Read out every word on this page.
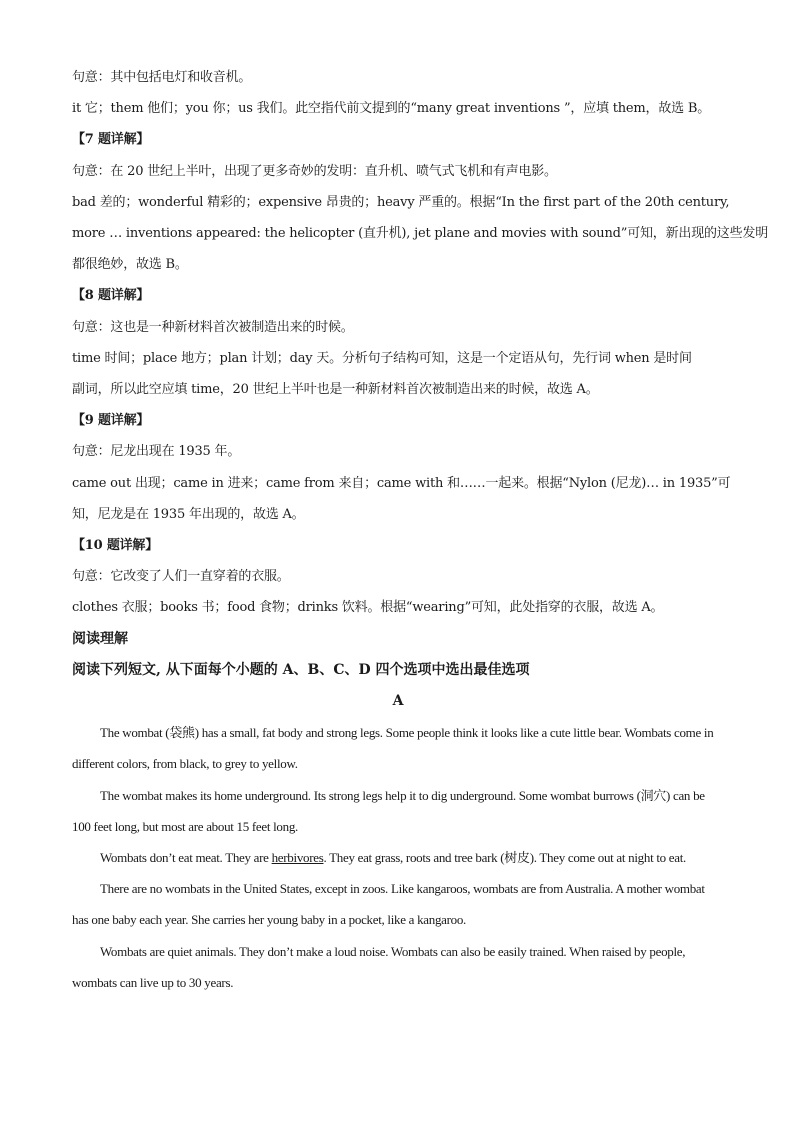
句意：其中包括电灯和收音机。
it 它；them 他们；you 你；us 我们。此空指代前文提到的“many great inventions ”，应填 them，故选 B。
【7 题详解】
句意：在 20 世纪上半叶，出现了更多奇妙的发明：直升机、喷气式飞机和有声电影。
bad 差的；wonderful 精彩的；expensive 昂贵的；heavy 严重的。根据“In the first part of the 20th century,
more … inventions appeared: the helicopter (直升机), jet plane and movies with sound”可知，新出现的这些发明
都很绝妙，故选 B。
【8 题详解】
句意：这也是一种新材料首次被制造出来的时候。
time 时间；place 地方；plan 计划；day 天。分析句子结构可知，这是一个定语从句，先行词 when 是时间
副词，所以此空应填 time，20 世纪上半叶也是一种新材料首次被制造出来的时候，故选 A。
【9 题详解】
句意：尼龙出现在 1935 年。
came out 出现；came in 进来；came from 来自；came with 和……一起来。根据“Nylon (尼龙)… in 1935”可
知，尼龙是在 1935 年出现的，故选 A。
【10 题详解】
句意：它改变了人们一直穿着的衣服。
clothes 衣服；books 书；food 食物；drinks 饮料。根据“wearing”可知，此处指穿的衣服，故选 A。
阅读理解
阅读下列短文, 从下面每个小题的 A、B、C、D 四个选项中选出最佳选项
A
The wombat (袋熊) has a small, fat body and strong legs. Some people think it looks like a cute little bear. Wombats come in different colors, from black, to grey to yellow.
The wombat makes its home underground. Its strong legs help it to dig underground. Some wombat burrows (洞穴) can be 100 feet long, but most are about 15 feet long.
Wombats don’t eat meat. They are herbivores. They eat grass, roots and tree bark (树皮). They come out at night to eat.
There are no wombats in the United States, except in zoos. Like kangaroos, wombats are from Australia. A mother wombat has one baby each year. She carries her young baby in a pocket, like a kangaroo.
Wombats are quiet animals. They don’t make a loud noise. Wombats can also be easily trained. When raised by people, wombats can live up to 30 years.
